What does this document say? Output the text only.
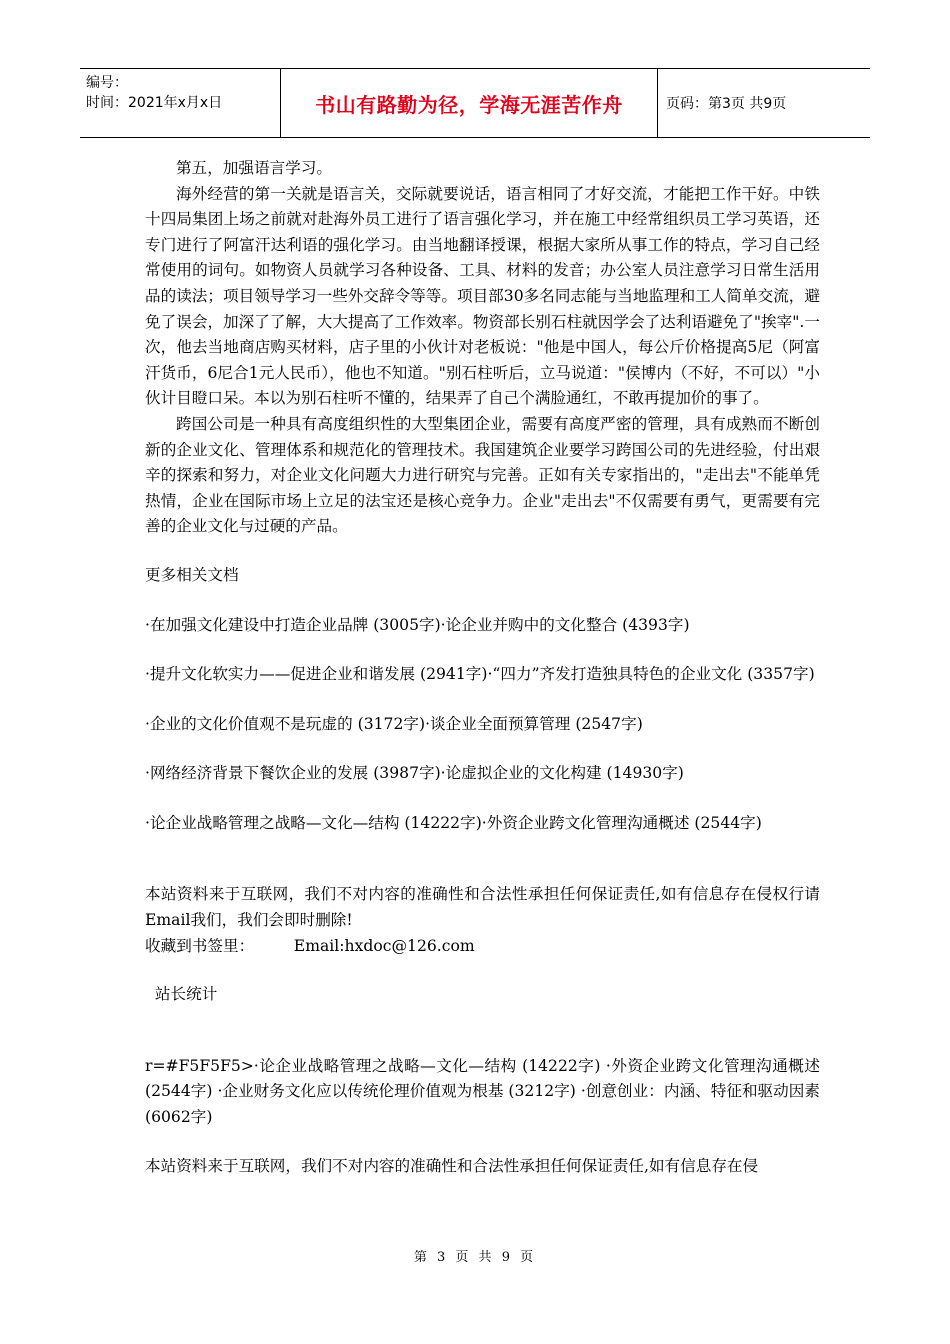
编号：
时间：2021年x月x日	书山有路勤为径，学海无涯苦作舟	页码：第3页 共9页

第五，加强语言学习。

海外经营的第一关就是语言关，交际就要说话，语言相同了才好交流，才能把工作干好。中铁十四局集团上场之前就对赴海外员工进行了语言强化学习，并在施工中经常组织员工学习英语，还专门进行了阿富汗达利语的强化学习。由当地翻译授课，根据大家所从事工作的特点，学习自己经常使用的词句。如物资人员就学习各种设备、工具、材料的发音；办公室人员注意学习日常生活用品的读法；项目领导学习一些外交辞令等等。项目部30多名同志能与当地监理和工人简单交流，避免了误会，加深了了解，大大提高了工作效率。物资部长别石柱就因学会了达利语避免了"挨宰".一次，他去当地商店购买材料，店子里的小伙计对老板说："他是中国人，每公斤价格提高5尼（阿富汗货币，6尼合1元人民币），他也不知道。"别石柱听后，立马说道："侯博内（不好，不可以）"小伙计目瞪口呆。本以为别石柱听不懂的，结果弄了自己个满脸通红，不敢再提加价的事了。

跨国公司是一种具有高度组织性的大型集团企业，需要有高度严密的管理，具有成熟而不断创新的企业文化、管理体系和规范化的管理技术。我国建筑企业要学习跨国公司的先进经验，付出艰辛的探索和努力，对企业文化问题大力进行研究与完善。正如有关专家指出的，"走出去"不能单凭热情，企业在国际市场上立足的法宝还是核心竞争力。企业"走出去"不仅需要有勇气，更需要有完善的企业文化与过硬的产品。

更多相关文档

·在加强文化建设中打造企业品牌 (3005字)·论企业并购中的文化整合 (4393字)

·提升文化软实力——促进企业和谐发展 (2941字)·“四力”齐发打造独具特色的企业文化 (3357字)

·企业的文化价值观不是玩虚的 (3172字)·谈企业全面预算管理 (2547字)

·网络经济背景下餐饮企业的发展 (3987字)·论虚拟企业的文化构建 (14930字)

·论企业战略管理之战略—文化—结构 (14222字)·外资企业跨文化管理沟通概述 (2544字)

本站资料来于互联网，我们不对内容的准确性和合法性承担任何保证责任,如有信息存在侵权行请Email我们，我们会即时删除!

收藏到书签里：        Email:hxdoc@126.com

站长统计

r=#F5F5F5>·论企业战略管理之战略—文化—结构 (14222字) ·外资企业跨文化管理沟通概述 (2544字) ·企业财务文化应以传统伦理价值观为根基 (3212字) ·创意创业：内涵、特征和驱动因素 (6062字)

本站资料来于互联网，我们不对内容的准确性和合法性承担任何保证责任,如有信息存在侵

第 3 页 共 9 页
